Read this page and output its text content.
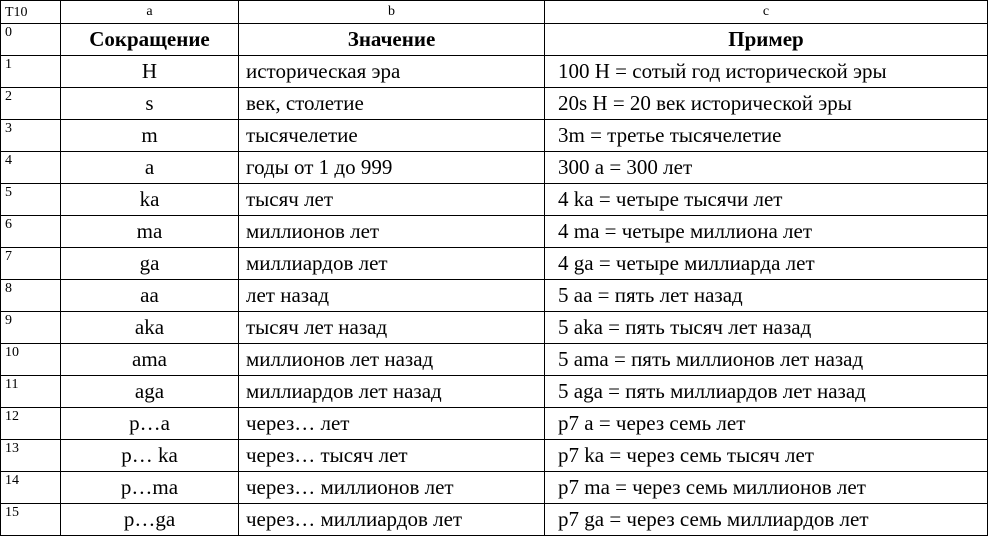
T10	a	b	c
0	Сокращение	Значение	Пример
1	H	историческая эра	100 H = сотый год исторической эры
2	s	век, столетие	20s H = 20 век исторической эры
3	m	тысячелетие	3m = третье тысячелетие
4	a	годы от 1 до 999	300 a = 300 лет
5	ka	тысяч лет	4 ka = четыре тысячи лет
6	ma	миллионов лет	4 ma = четыре миллиона лет
7	ga	миллиардов лет	4 ga = четыре миллиарда лет
8	aa	лет назад	5 aa = пять лет назад
9	aka	тысяч лет назад	5 aka = пять тысяч лет назад
10	ama	миллионов лет назад	5 ama = пять миллионов лет назад
11	aga	миллиардов лет назад	5 aga = пять миллиардов лет назад
12	p…a	через… лет	p7 a = через семь лет
13	p… ka	через… тысяч лет	p7 ka = через семь тысяч лет
14	p…ma	через… миллионов лет	p7 ma = через семь миллионов лет
15	p…ga	через… миллиардов лет	p7 ga = через семь миллиардов лет
